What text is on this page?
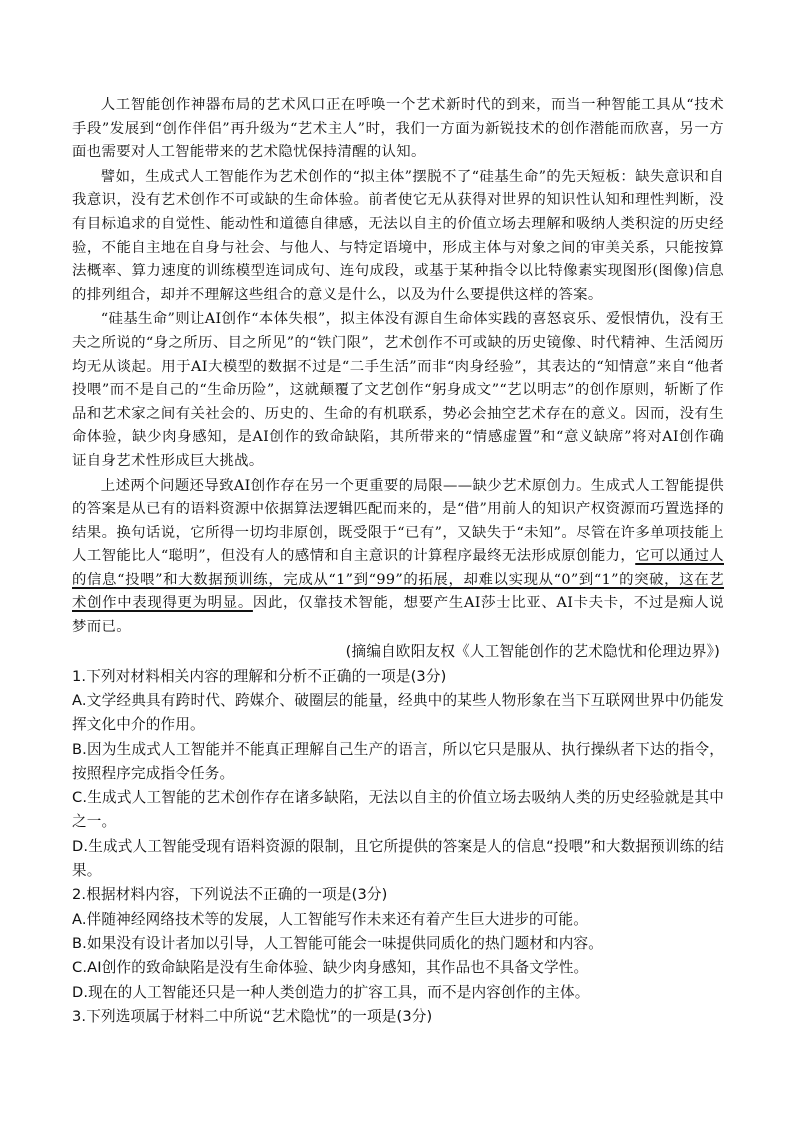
人工智能创作神器布局的艺术风口正在呼唤一个艺术新时代的到来，而当一种智能工具从“技术手段”发展到“创作伴侣”再升级为“艺术主人”时，我们一方面为新锐技术的创作潜能而欣喜，另一方面也需要对人工智能带来的艺术隐忧保持清醒的认知。

譬如，生成式人工智能作为艺术创作的“拟主体”摆脱不了“硅基生命”的先天短板：缺失意识和自我意识，没有艺术创作不可或缺的生命体验。前者使它无从获得对世界的知识性认知和理性判断，没有目标追求的自觉性、能动性和道德自律感，无法以自主的价值立场去理解和吸纳人类积淀的历史经验，不能自主地在自身与社会、与他人、与特定语境中，形成主体与对象之间的审美关系，只能按算法概率、算力速度的训练模型连词成句、连句成段，或基于某种指令以比特像素实现图形(图像)信息的排列组合，却并不理解这些组合的意义是什么，以及为什么要提供这样的答案。

“硅基生命”则让AI创作“本体失根”，拟主体没有源自生命体实践的喜怒哀乐、爱恨情仇，没有王夫之所说的“身之所历、目之所见”的“铁门限”，艺术创作不可或缺的历史镜像、时代精神、生活阅历均无从谈起。用于AI大模型的数据不过是“二手生活”而非“肉身经验”，其表达的“知情意”来自“他者投喂”而不是自己的“生命历险”，这就颠覆了文艺创作“躬身成文”“艺以明志”的创作原则，斩断了作品和艺术家之间有关社会的、历史的、生命的有机联系，势必会抽空艺术存在的意义。因而，没有生命体验，缺少肉身感知，是AI创作的致命缺陷，其所带来的“情感虚置”和“意义缺席”将对AI创作确证自身艺术性形成巨大挑战。

上述两个问题还导致AI创作存在另一个更重要的局限——缺少艺术原创力。生成式人工智能提供的答案是从已有的语料资源中依据算法逻辑匹配而来的，是“借”用前人的知识产权资源而巧置选择的结果。换句话说，它所得一切均非原创，既受限于“已有”，又缺失于“未知”。尽管在许多单项技能上人工智能比人“聪明”，但没有人的感情和自主意识的计算程序最终无法形成原创能力，它可以通过人的信息“投喂”和大数据预训练，完成从“1”到“99”的拓展，却难以实现从“0”到“1”的突破，这在艺术创作中表现得更为明显。因此，仅靠技术智能，想要产生AI莎士比亚、AI卡夫卡，不过是痴人说梦而已。

(摘编自欧阳友权《人工智能创作的艺术隐忧和伦理边界》)

1.下列对材料相关内容的理解和分析不正确的一项是(3分)

A.文学经典具有跨时代、跨媒介、破圈层的能量，经典中的某些人物形象在当下互联网世界中仍能发挥文化中介的作用。

B.因为生成式人工智能并不能真正理解自己生产的语言，所以它只是服从、执行操纵者下达的指令，按照程序完成指令任务。

C.生成式人工智能的艺术创作存在诸多缺陷，无法以自主的价值立场去吸纳人类的历史经验就是其中之一。

D.生成式人工智能受现有语料资源的限制，且它所提供的答案是人的信息“投喂”和大数据预训练的结果。

2.根据材料内容，下列说法不正确的一项是(3分)

A.伴随神经网络技术等的发展，人工智能写作未来还有着产生巨大进步的可能。

B.如果没有设计者加以引导，人工智能可能会一味提供同质化的热门题材和内容。

C.AI创作的致命缺陷是没有生命体验、缺少肉身感知，其作品也不具备文学性。

D.现在的人工智能还只是一种人类创造力的扩容工具，而不是内容创作的主体。

3.下列选项属于材料二中所说“艺术隐忧”的一项是(3分)
